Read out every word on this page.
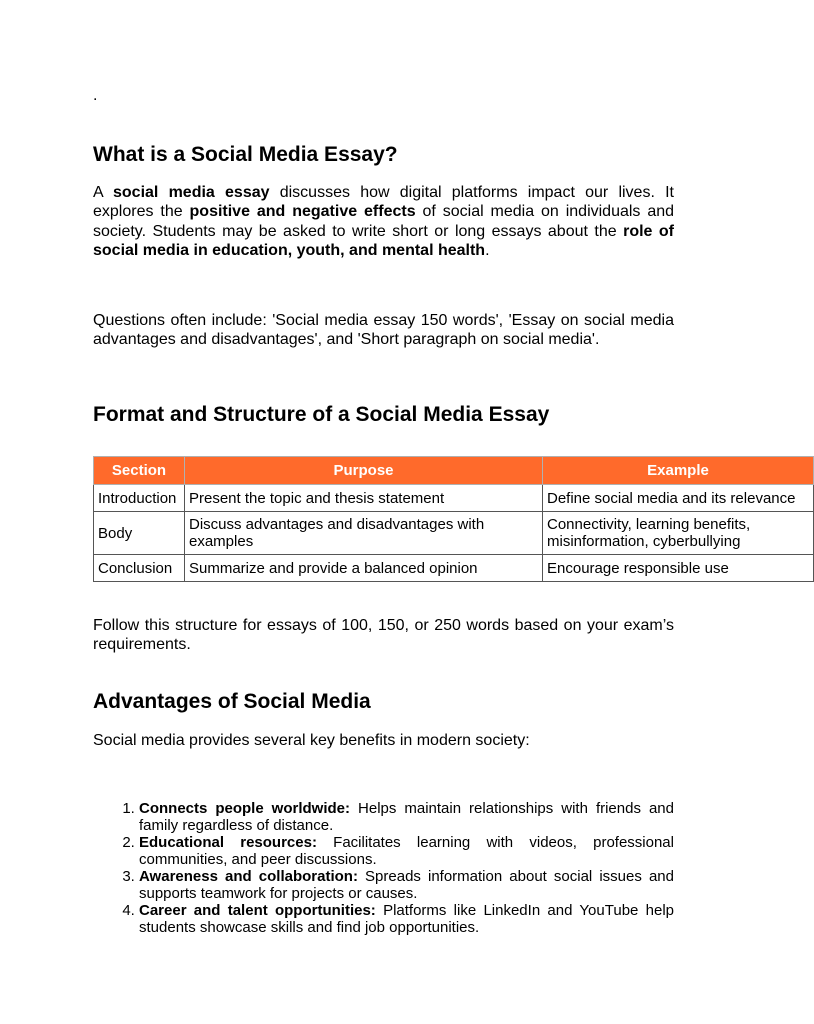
.
What is a Social Media Essay?

A social media essay discusses how digital platforms impact our lives. It explores the positive and negative effects of social media on individuals and society. Students may be asked to write short or long essays about the role of social media in education, youth, and mental health.

Questions often include: 'Social media essay 150 words', 'Essay on social media advantages and disadvantages', and 'Short paragraph on social media'.

Format and Structure of a Social Media Essay
Section	Purpose	Example
Introduction	Present the topic and thesis statement	Define social media and its relevance
Body	Discuss advantages and disadvantages with examples	Connectivity, learning benefits, misinformation, cyberbullying
Conclusion	Summarize and provide a balanced opinion	Encourage responsible use

Follow this structure for essays of 100, 150, or 250 words based on your exam’s requirements.

Advantages of Social Media

Social media provides several key benefits in modern society:

1. Connects people worldwide: Helps maintain relationships with friends and family regardless of distance.
2. Educational resources: Facilitates learning with videos, professional communities, and peer discussions.
3. Awareness and collaboration: Spreads information about social issues and supports teamwork for projects or causes.
4. Career and talent opportunities: Platforms like LinkedIn and YouTube help students showcase skills and find job opportunities.
